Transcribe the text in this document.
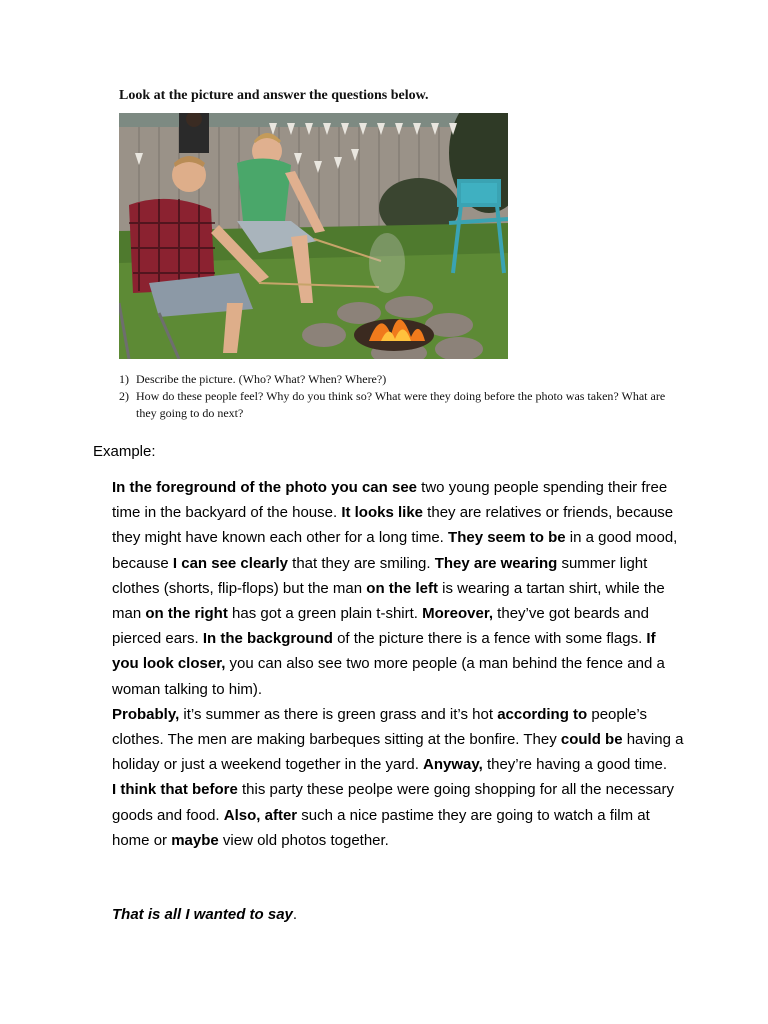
Look at the picture and answer the questions below.
1) Describe the picture. (Who? What? When? Where?)
2) How do these people feel? Why do you think so? What were they doing before the photo was taken? What are they going to do next?
Example:

In the foreground of the photo you can see two young people spending their free time in the backyard of the house. It looks like they are relatives or friends, because they might have known each other for a long time. They seem to be in a good mood, because I can see clearly that they are smiling. They are wearing summer light clothes (shorts, flip-flops) but the man on the left is wearing a tartan shirt, while the man on the right has got a green plain t-shirt. Moreover, they’ve got beards and pierced ears. In the background of the picture there is a fence with some flags. If you look closer, you can also see two more people (a man behind the fence and a woman talking to him).

Probably, it’s summer as there is green grass and it’s hot according to people’s clothes. The men are making barbeques sitting at the bonfire. They could be having a holiday or just a weekend together in the yard. Anyway, they’re having a good time.

I think that before this party these peolpe were going shopping for all the necessary goods and food. Also, after such a nice pastime they are going to watch a film at home or maybe view old photos together.

That is all I wanted to say.
